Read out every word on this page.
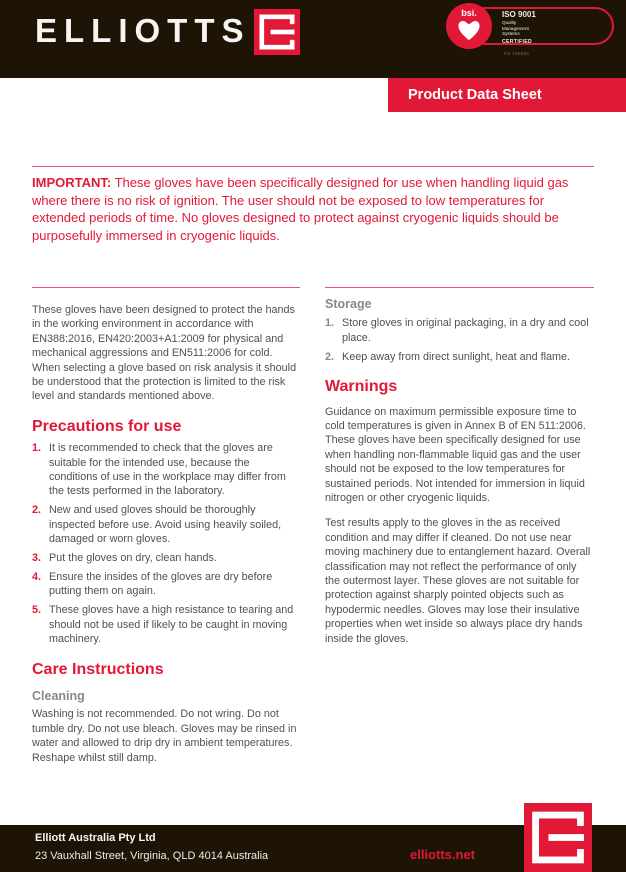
ELLIOTTS	bsi.	ISO 9001
Quality
Management
Systems
CERTIFIED
FS 740582
Product Data Sheet
IMPORTANT: These gloves have been specifically designed for use when handling liquid gas where there is no risk of ignition. The user should not be exposed to low temperatures for extended periods of time. No gloves designed to protect against cryogenic liquids should be purposefully immersed in cryogenic liquids.

These gloves have been designed to protect the hands in the working environment in accordance with EN388:2016, EN420:2003+A1:2009 for physical and mechanical aggressions and EN511:2006 for cold. When selecting a glove based on risk analysis it should be understood that the protection is limited to the risk level and standards mentioned above.

Precautions for use
1. It is recommended to check that the gloves are suitable for the intended use, because the conditions of use in the workplace may differ from the tests performed in the laboratory.
2. New and used gloves should be thoroughly inspected before use. Avoid using heavily soiled, damaged or worn gloves.
3. Put the gloves on dry, clean hands.
4. Ensure the insides of the gloves are dry before putting them on again.
5. These gloves have a high resistance to tearing and should not be used if likely to be caught in moving machinery.
Care Instructions
Cleaning

Washing is not recommended. Do not wring. Do not tumble dry. Do not use bleach. Gloves may be rinsed in water and allowed to drip dry in ambient temperatures. Reshape whilst still damp.

Storage
1. Store gloves in original packaging, in a dry and cool place.
2. Keep away from direct sunlight, heat and flame.
Warnings

Guidance on maximum permissible exposure time to cold temperatures is given in Annex B of EN 511:2006. These gloves have been specifically designed for use when handling non-flammable liquid gas and the user should not be exposed to the low temperatures for sustained periods. Not intended for immersion in liquid nitrogen or other cryogenic liquids.

Test results apply to the gloves in the as received condition and may differ if cleaned. Do not use near moving machinery due to entanglement hazard. Overall classification may not reflect the performance of only the outermost layer. These gloves are not suitable for protection against sharply pointed objects such as hypodermic needles. Gloves may lose their insulative properties when wet inside so always place dry hands inside the gloves.

Elliott Australia Pty Ltd
23 Vauxhall Street, Virginia, QLD 4014 Australia	elliotts.net
